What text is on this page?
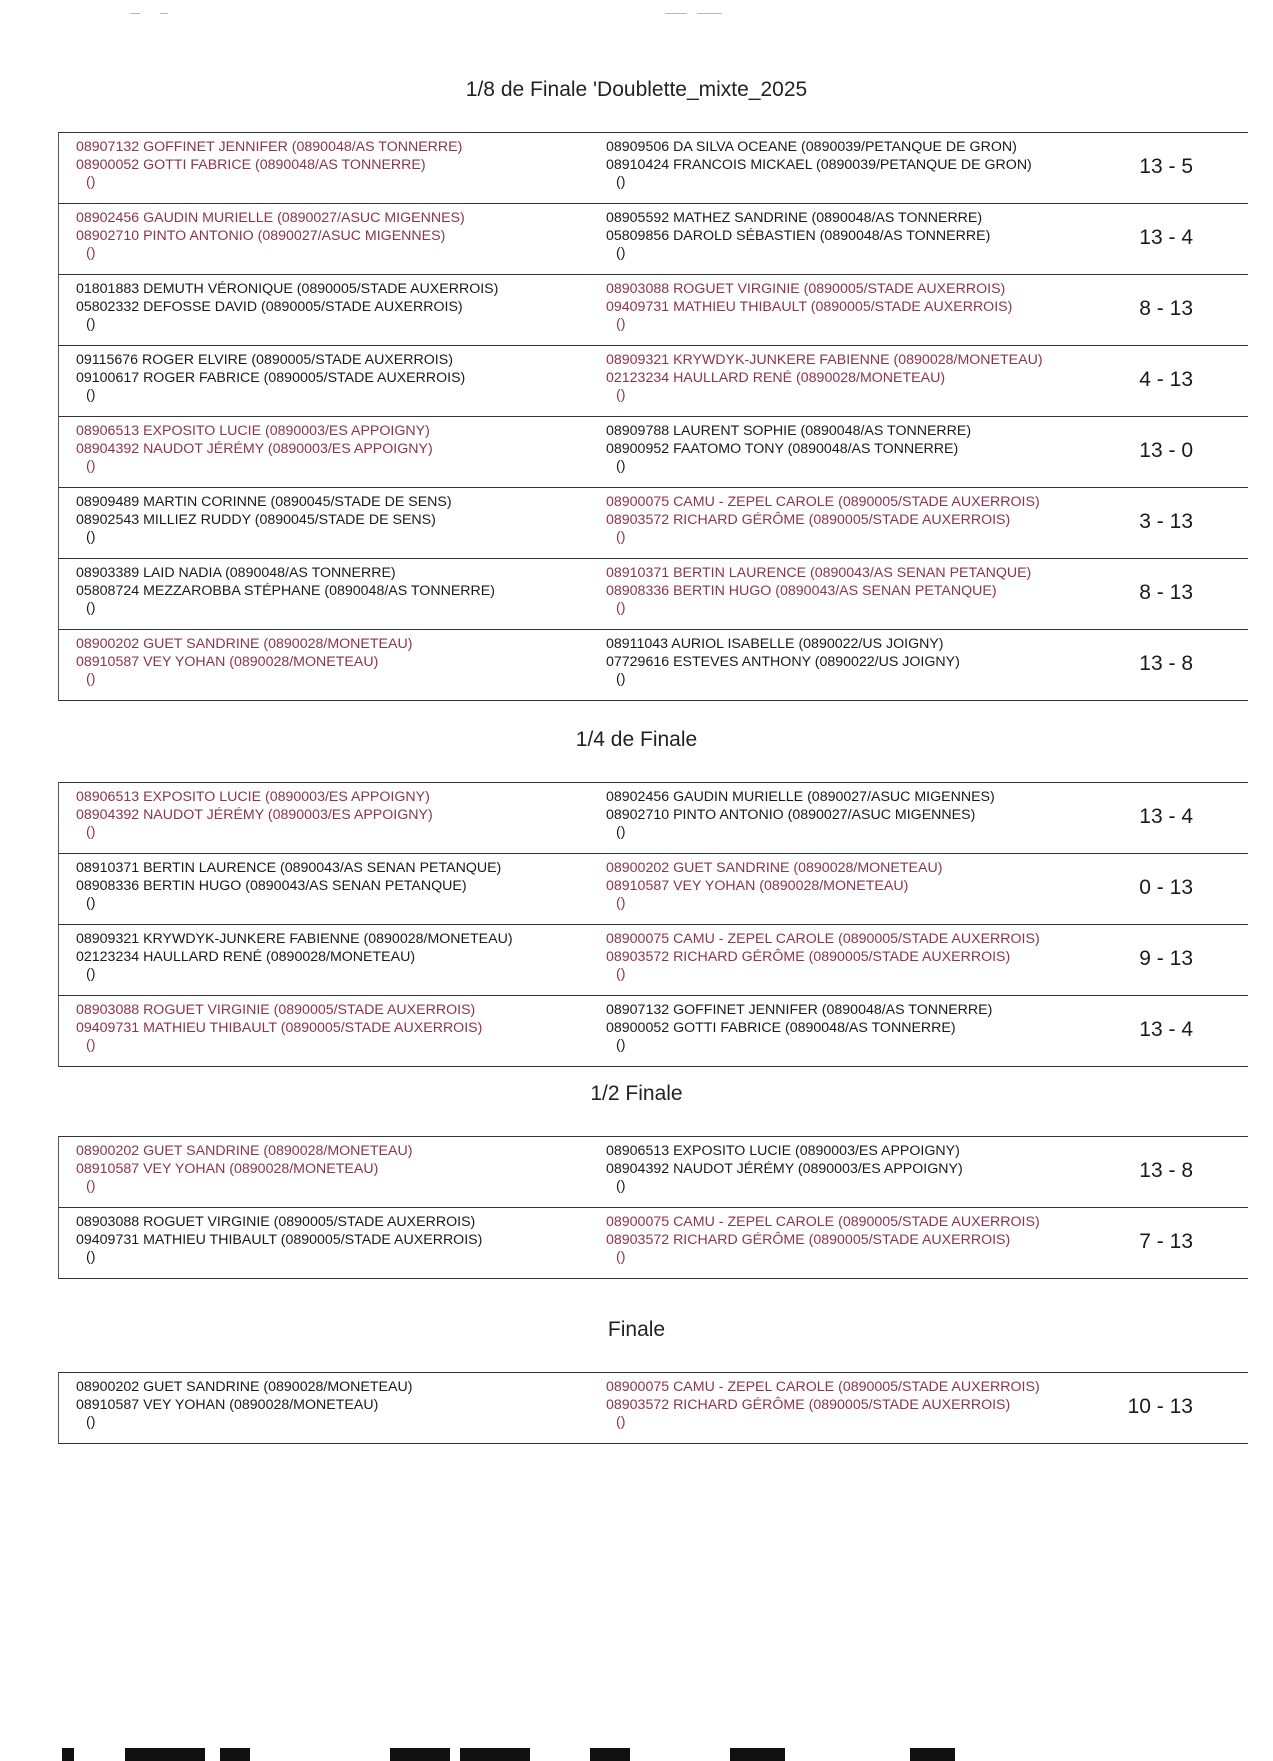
1/8 de Finale 'Doublette_mixte_2025
08907132 GOFFINET JENNIFER (0890048/AS TONNERRE)
08900052 GOTTI FABRICE (0890048/AS TONNERRE)
()
08909506 DA SILVA OCEANE (0890039/PETANQUE DE GRON)
08910424 FRANCOIS MICKAEL (0890039/PETANQUE DE GRON)
()
13 - 5
08902456 GAUDIN MURIELLE (0890027/ASUC MIGENNES)
08902710 PINTO ANTONIO (0890027/ASUC MIGENNES)
()
08905592 MATHEZ SANDRINE (0890048/AS TONNERRE)
05809856 DAROLD SÉBASTIEN (0890048/AS TONNERRE)
()
13 - 4
01801883 DEMUTH VÉRONIQUE (0890005/STADE AUXERROIS)
05802332 DEFOSSE DAVID (0890005/STADE AUXERROIS)
()
08903088 ROGUET VIRGINIE (0890005/STADE AUXERROIS)
09409731 MATHIEU THIBAULT (0890005/STADE AUXERROIS)
()
8 - 13
09115676 ROGER ELVIRE (0890005/STADE AUXERROIS)
09100617 ROGER FABRICE (0890005/STADE AUXERROIS)
()
08909321 KRYWDYK-JUNKERE FABIENNE (0890028/MONETEAU)
02123234 HAULLARD RENÉ (0890028/MONETEAU)
()
4 - 13
08906513 EXPOSITO LUCIE (0890003/ES APPOIGNY)
08904392 NAUDOT JÉRÉMY (0890003/ES APPOIGNY)
()
08909788 LAURENT SOPHIE (0890048/AS TONNERRE)
08900952 FAATOMO TONY (0890048/AS TONNERRE)
()
13 - 0
08909489 MARTIN CORINNE (0890045/STADE DE SENS)
08902543 MILLIEZ RUDDY (0890045/STADE DE SENS)
()
08900075 CAMU - ZEPEL CAROLE (0890005/STADE AUXERROIS)
08903572 RICHARD GÉRÔME (0890005/STADE AUXERROIS)
()
3 - 13
08903389 LAID NADIA (0890048/AS TONNERRE)
05808724 MEZZAROBBA STÉPHANE (0890048/AS TONNERRE)
()
08910371 BERTIN LAURENCE (0890043/AS SENAN PETANQUE)
08908336 BERTIN HUGO (0890043/AS SENAN PETANQUE)
()
8 - 13
08900202 GUET SANDRINE (0890028/MONETEAU)
08910587 VEY YOHAN (0890028/MONETEAU)
()
08911043 AURIOL ISABELLE (0890022/US JOIGNY)
07729616 ESTEVES ANTHONY (0890022/US JOIGNY)
()
13 - 8
1/4 de Finale
08906513 EXPOSITO LUCIE (0890003/ES APPOIGNY)
08904392 NAUDOT JÉRÉMY (0890003/ES APPOIGNY)
()
08902456 GAUDIN MURIELLE (0890027/ASUC MIGENNES)
08902710 PINTO ANTONIO (0890027/ASUC MIGENNES)
()
13 - 4
08910371 BERTIN LAURENCE (0890043/AS SENAN PETANQUE)
08908336 BERTIN HUGO (0890043/AS SENAN PETANQUE)
()
08900202 GUET SANDRINE (0890028/MONETEAU)
08910587 VEY YOHAN (0890028/MONETEAU)
()
0 - 13
08909321 KRYWDYK-JUNKERE FABIENNE (0890028/MONETEAU)
02123234 HAULLARD RENÉ (0890028/MONETEAU)
()
08900075 CAMU - ZEPEL CAROLE (0890005/STADE AUXERROIS)
08903572 RICHARD GÉRÔME (0890005/STADE AUXERROIS)
()
9 - 13
08903088 ROGUET VIRGINIE (0890005/STADE AUXERROIS)
09409731 MATHIEU THIBAULT (0890005/STADE AUXERROIS)
()
08907132 GOFFINET JENNIFER (0890048/AS TONNERRE)
08900052 GOTTI FABRICE (0890048/AS TONNERRE)
()
13 - 4
1/2 Finale
08900202 GUET SANDRINE (0890028/MONETEAU)
08910587 VEY YOHAN (0890028/MONETEAU)
()
08906513 EXPOSITO LUCIE (0890003/ES APPOIGNY)
08904392 NAUDOT JÉRÉMY (0890003/ES APPOIGNY)
()
13 - 8
08903088 ROGUET VIRGINIE (0890005/STADE AUXERROIS)
09409731 MATHIEU THIBAULT (0890005/STADE AUXERROIS)
()
08900075 CAMU - ZEPEL CAROLE (0890005/STADE AUXERROIS)
08903572 RICHARD GÉRÔME (0890005/STADE AUXERROIS)
()
7 - 13
Finale
08900202 GUET SANDRINE (0890028/MONETEAU)
08910587 VEY YOHAN (0890028/MONETEAU)
()
08900075 CAMU - ZEPEL CAROLE (0890005/STADE AUXERROIS)
08903572 RICHARD GÉRÔME (0890005/STADE AUXERROIS)
()
10 - 13
